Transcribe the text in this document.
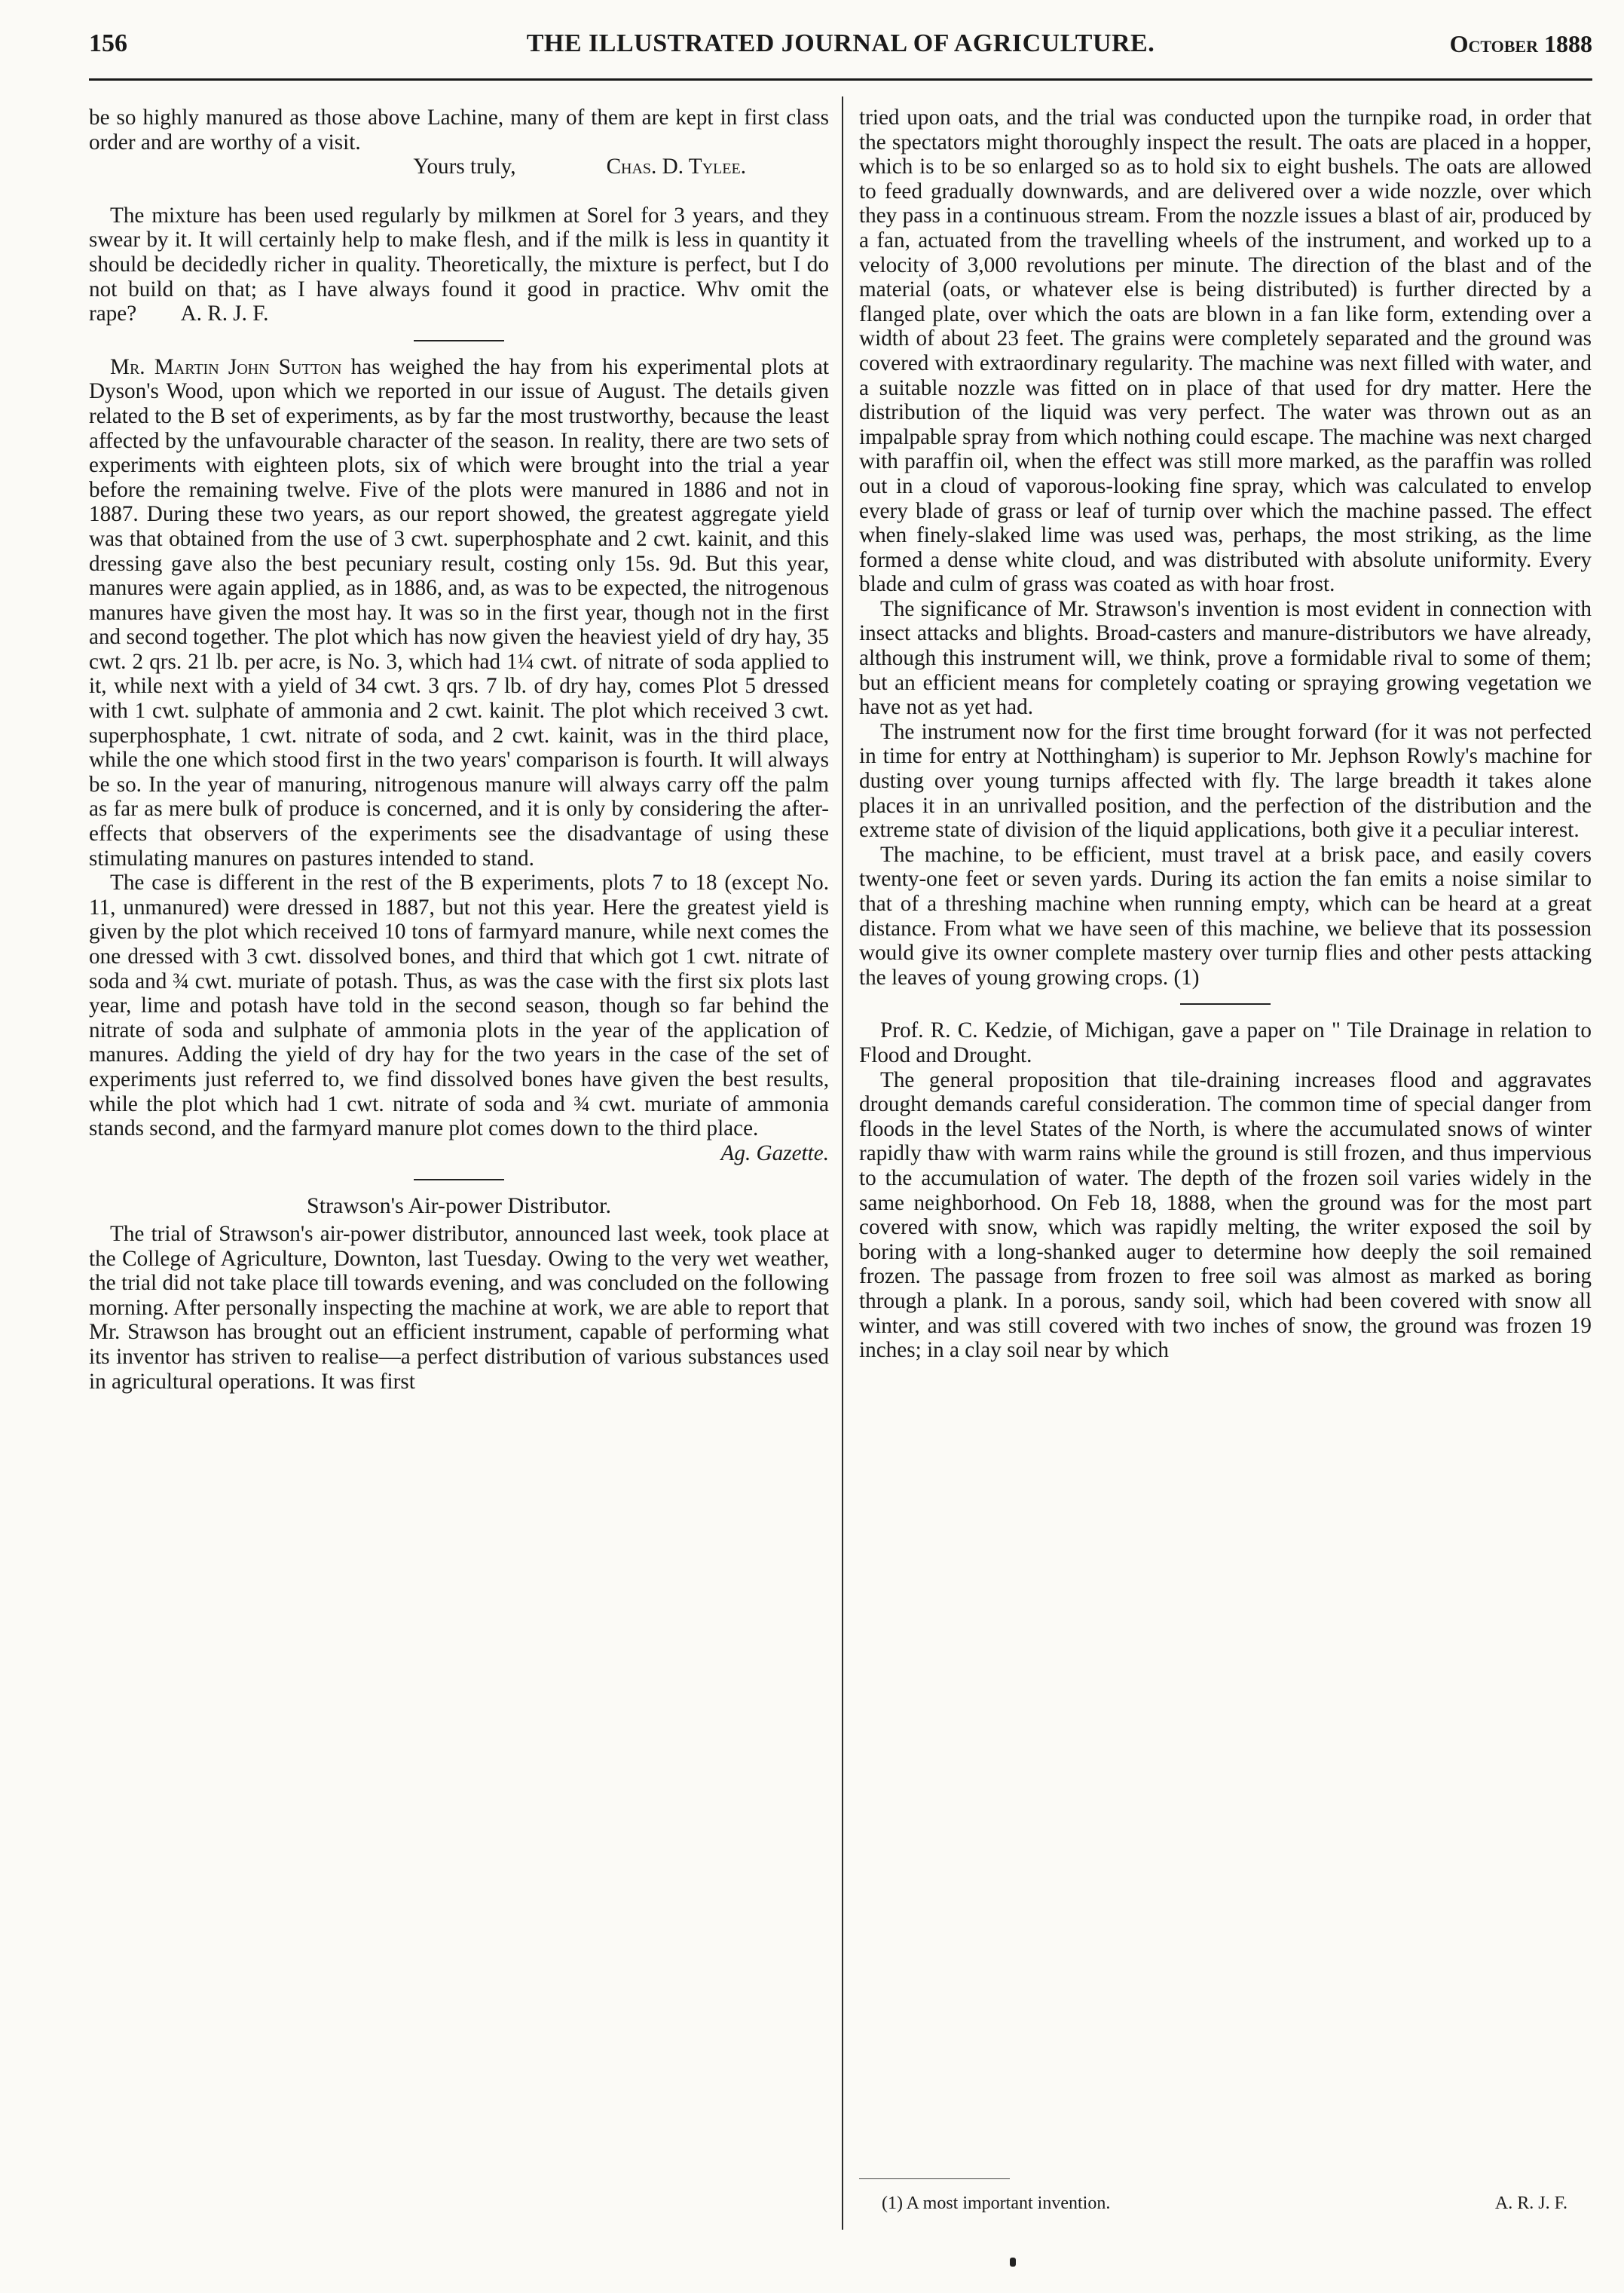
156	THE ILLUSTRATED JOURNAL OF AGRICULTURE.	October 1888

be so highly manured as those above Lachine, many of them are kept in first class order and are worthy of a visit.

Yours truly,	Chas. D. Tylee.

The mixture has been used regularly by milkmen at Sorel for 3 years, and they swear by it. It will certainly help to make flesh, and if the milk is less in quantity it should be decidedly richer in quality. Theoretically, the mixture is perfect, but I do not build on that; as I have always found it good in practice. Whv omit the rape? A. R. J. F.

Mr. Martin John Sutton has weighed the hay from his experimental plots at Dyson's Wood, upon which we reported in our issue of August. The details given related to the B set of experiments, as by far the most trustworthy, because the least affected by the unfavourable character of the season. In reality, there are two sets of experiments with eighteen plots, six of which were brought into the trial a year before the remaining twelve. Five of the plots were manured in 1886 and not in 1887. During these two years, as our report showed, the greatest aggregate yield was that obtained from the use of 3 cwt. superphosphate and 2 cwt. kainit, and this dressing gave also the best pecuniary result, costing only 15s. 9d. But this year, manures were again applied, as in 1886, and, as was to be expected, the nitrogenous manures have given the most hay. It was so in the first year, though not in the first and second together. The plot which has now given the heaviest yield of dry hay, 35 cwt. 2 qrs. 21 lb. per acre, is No. 3, which had 1¼ cwt. of nitrate of soda applied to it, while next with a yield of 34 cwt. 3 qrs. 7 lb. of dry hay, comes Plot 5 dressed with 1 cwt. sulphate of ammonia and 2 cwt. kainit. The plot which received 3 cwt. superphosphate, 1 cwt. nitrate of soda, and 2 cwt. kainit, was in the third place, while the one which stood first in the two years' comparison is fourth. It will always be so. In the year of manuring, nitrogenous manure will always carry off the palm as far as mere bulk of produce is concerned, and it is only by considering the after-effects that observers of the experiments see the disadvantage of using these stimulating manures on pastures intended to stand.

The case is different in the rest of the B experiments, plots 7 to 18 (except No. 11, unmanured) were dressed in 1887, but not this year. Here the greatest yield is given by the plot which received 10 tons of farmyard manure, while next comes the one dressed with 3 cwt. dissolved bones, and third that which got 1 cwt. nitrate of soda and ¾ cwt. muriate of potash. Thus, as was the case with the first six plots last year, lime and potash have told in the second season, though so far behind the nitrate of soda and sulphate of ammonia plots in the year of the application of manures. Adding the yield of dry hay for the two years in the case of the set of experiments just referred to, we find dissolved bones have given the best results, while the plot which had 1 cwt. nitrate of soda and ¾ cwt. muriate of ammonia stands second, and the farmyard manure plot comes down to the third place.

Ag. Gazette.

Strawson's Air-power Distributor.

The trial of Strawson's air-power distributor, announced last week, took place at the College of Agriculture, Downton, last Tuesday. Owing to the very wet weather, the trial did not take place till towards evening, and was concluded on the following morning. After personally inspecting the machine at work, we are able to report that Mr. Strawson has brought out an efficient instrument, capable of performing what its inventor has striven to realise—a perfect distribution of various substances used in agricultural operations. It was first

tried upon oats, and the trial was conducted upon the turnpike road, in order that the spectators might thoroughly inspect the result. The oats are placed in a hopper, which is to be so enlarged so as to hold six to eight bushels. The oats are allowed to feed gradually downwards, and are delivered over a wide nozzle, over which they pass in a continuous stream. From the nozzle issues a blast of air, produced by a fan, actuated from the travelling wheels of the instrument, and worked up to a velocity of 3,000 revolutions per minute. The direction of the blast and of the material (oats, or whatever else is being distributed) is further directed by a flanged plate, over which the oats are blown in a fan like form, extending over a width of about 23 feet. The grains were completely separated and the ground was covered with extraordinary regularity. The machine was next filled with water, and a suitable nozzle was fitted on in place of that used for dry matter. Here the distribution of the liquid was very perfect. The water was thrown out as an impalpable spray from which nothing could escape. The machine was next charged with paraffin oil, when the effect was still more marked, as the paraffin was rolled out in a cloud of vaporous-looking fine spray, which was calculated to envelop every blade of grass or leaf of turnip over which the machine passed. The effect when finely-slaked lime was used was, perhaps, the most striking, as the lime formed a dense white cloud, and was distributed with absolute uniformity. Every blade and culm of grass was coated as with hoar frost.

The significance of Mr. Strawson's invention is most evident in connection with insect attacks and blights. Broad-casters and manure-distributors we have already, although this instrument will, we think, prove a formidable rival to some of them; but an efficient means for completely coating or spraying growing vegetation we have not as yet had.

The instrument now for the first time brought forward (for it was not perfected in time for entry at Notthingham) is superior to Mr. Jephson Rowly's machine for dusting over young turnips affected with fly. The large breadth it takes alone places it in an unrivalled position, and the perfection of the distribution and the extreme state of division of the liquid applications, both give it a peculiar interest.

The machine, to be efficient, must travel at a brisk pace, and easily covers twenty-one feet or seven yards. During its action the fan emits a noise similar to that of a threshing machine when running empty, which can be heard at a great distance. From what we have seen of this machine, we believe that its possession would give its owner complete mastery over turnip flies and other pests attacking the leaves of young growing crops. (1)

Prof. R. C. Kedzie, of Michigan, gave a paper on " Tile Drainage in relation to Flood and Drought.

The general proposition that tile-draining increases flood and aggravates drought demands careful consideration. The common time of special danger from floods in the level States of the North, is where the accumulated snows of winter rapidly thaw with warm rains while the ground is still frozen, and thus impervious to the accumulation of water. The depth of the frozen soil varies widely in the same neighborhood. On Feb 18, 1888, when the ground was for the most part covered with snow, which was rapidly melting, the writer exposed the soil by boring with a long-shanked auger to determine how deeply the soil remained frozen. The passage from frozen to free soil was almost as marked as boring through a plank. In a porous, sandy soil, which had been covered with snow all winter, and was still covered with two inches of snow, the ground was frozen 19 inches; in a clay soil near by which

(1) A most important invention.	A. R. J. F.
